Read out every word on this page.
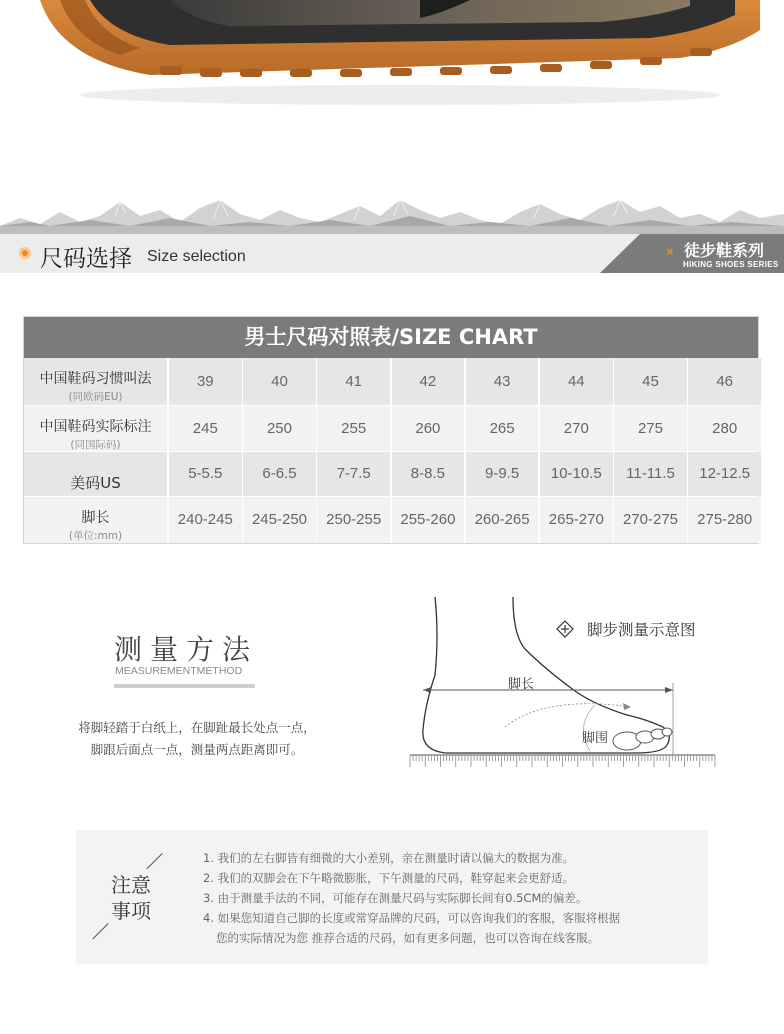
尺码选择 Size selection	× 徒步鞋系列
HIKING SHOES SERIES
男士尺码对照表/SIZE CHART
中国鞋码习惯叫法
(同欧码EU)
39	40	41	42	43	44	45	46
中国鞋码实际标注
(同国际码)
245	250	255	260	265	270	275	280
美码US
5-5.5	6-6.5	7-7.5	8-8.5	9-9.5	10-10.5	11-11.5	12-12.5
脚长
(单位:mm)
240-245	245-250	250-255	255-260	260-265	265-270	270-275	275-280
测量方法
MEASUREMENTMETHOD
将脚轻踏于白纸上，在脚趾最长处点一点，
脚跟后面点一点，测量两点距离即可。
脚步测量示意图
脚长
脚围
注意
事项
1. 我们的左右脚皆有细微的大小差别，亲在测量时请以偏大的数据为准。
2. 我们的双脚会在下午略微膨胀，下午测量的尺码，鞋穿起来会更舒适。
3. 由于测量手法的不同，可能存在测量尺码与实际脚长间有0.5CM的偏差。
4. 如果您知道自己脚的长度或常穿品牌的尺码，可以咨询我们的客服，客服将根据
您的实际情况为您 推荐合适的尺码，如有更多问题，也可以咨询在线客服。
